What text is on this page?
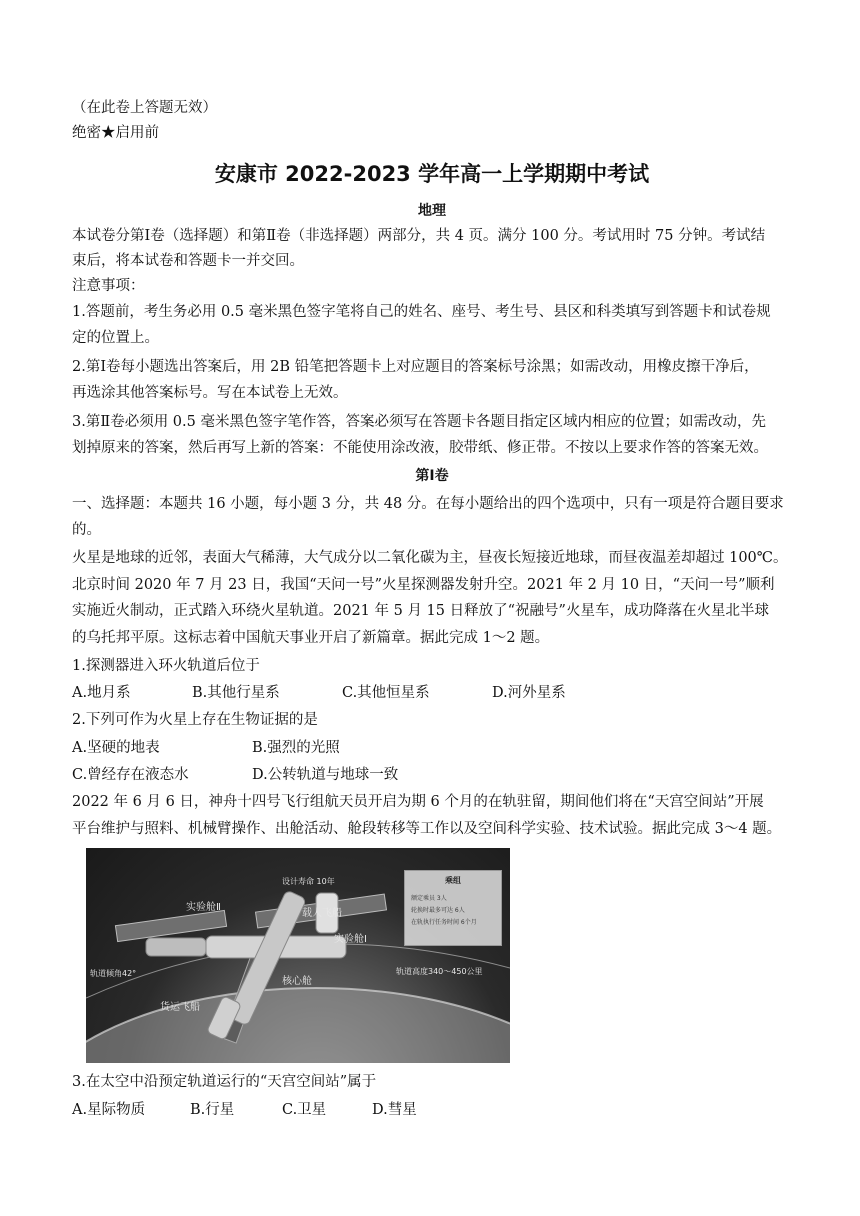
（在此卷上答题无效）
绝密★启用前
安康市 2022-2023 学年高一上学期期中考试
地理
本试卷分第Ⅰ卷（选择题）和第Ⅱ卷（非选择题）两部分，共 4 页。满分 100 分。考试用时 75 分钟。考试结
束后，将本试卷和答题卡一并交回。
注意事项：
1.答题前，考生务必用 0.5 毫米黑色签字笔将自己的姓名、座号、考生号、县区和科类填写到答题卡和试卷规
定的位置上。
2.第Ⅰ卷每小题选出答案后，用 2B 铅笔把答题卡上对应题目的答案标号涂黑；如需改动，用橡皮擦干净后，
再选涂其他答案标号。写在本试卷上无效。
3.第Ⅱ卷必须用 0.5 毫米黑色签字笔作答，答案必须写在答题卡各题目指定区域内相应的位置；如需改动，先
划掉原来的答案，然后再写上新的答案：不能使用涂改液，胶带纸、修正带。不按以上要求作答的答案无效。
第Ⅰ卷
一、选择题：本题共 16 小题，每小题 3 分，共 48 分。在每小题给出的四个选项中，只有一项是符合题目要求
的。
火星是地球的近邻，表面大气稀薄，大气成分以二氧化碳为主，昼夜长短接近地球，而昼夜温差却超过 100℃。
北京时间 2020 年 7 月 23 日，我国“天问一号”火星探测器发射升空。2021 年 2 月 10 日，“天问一号”顺利
实施近火制动，正式踏入环绕火星轨道。2021 年 5 月 15 日释放了“祝融号”火星车，成功降落在火星北半球
的乌托邦平原。这标志着中国航天事业开启了新篇章。据此完成 1～2 题。
1.探测器进入环火轨道后位于
A.地月系	B.其他行星系	C.其他恒星系	D.河外星系
2.下列可作为火星上存在生物证据的是
A.坚硬的地表	B.强烈的光照
C.曾经存在液态水	D.公转轨道与地球一致
2022 年 6 月 6 日，神舟十四号飞行组航天员开启为期 6 个月的在轨驻留，期间他们将在“天宫空间站”开展
平台维护与照料、机械臂操作、出舱活动、舱段转移等工作以及空间科学实验、技术试验。据此完成 3～4 题。
设计寿命 10年
实验舱Ⅱ
载人飞船
实验舱Ⅰ
轨道倾角42°
核心舱
轨道高度340～450公里
货运飞船
乘组
额定乘员 3人
轮换时最多可达 6人
在轨执行任务时间 6个月
3.在太空中沿预定轨道运行的“天宫空间站”属于
A.星际物质	B.行星	C.卫星	D.彗星
